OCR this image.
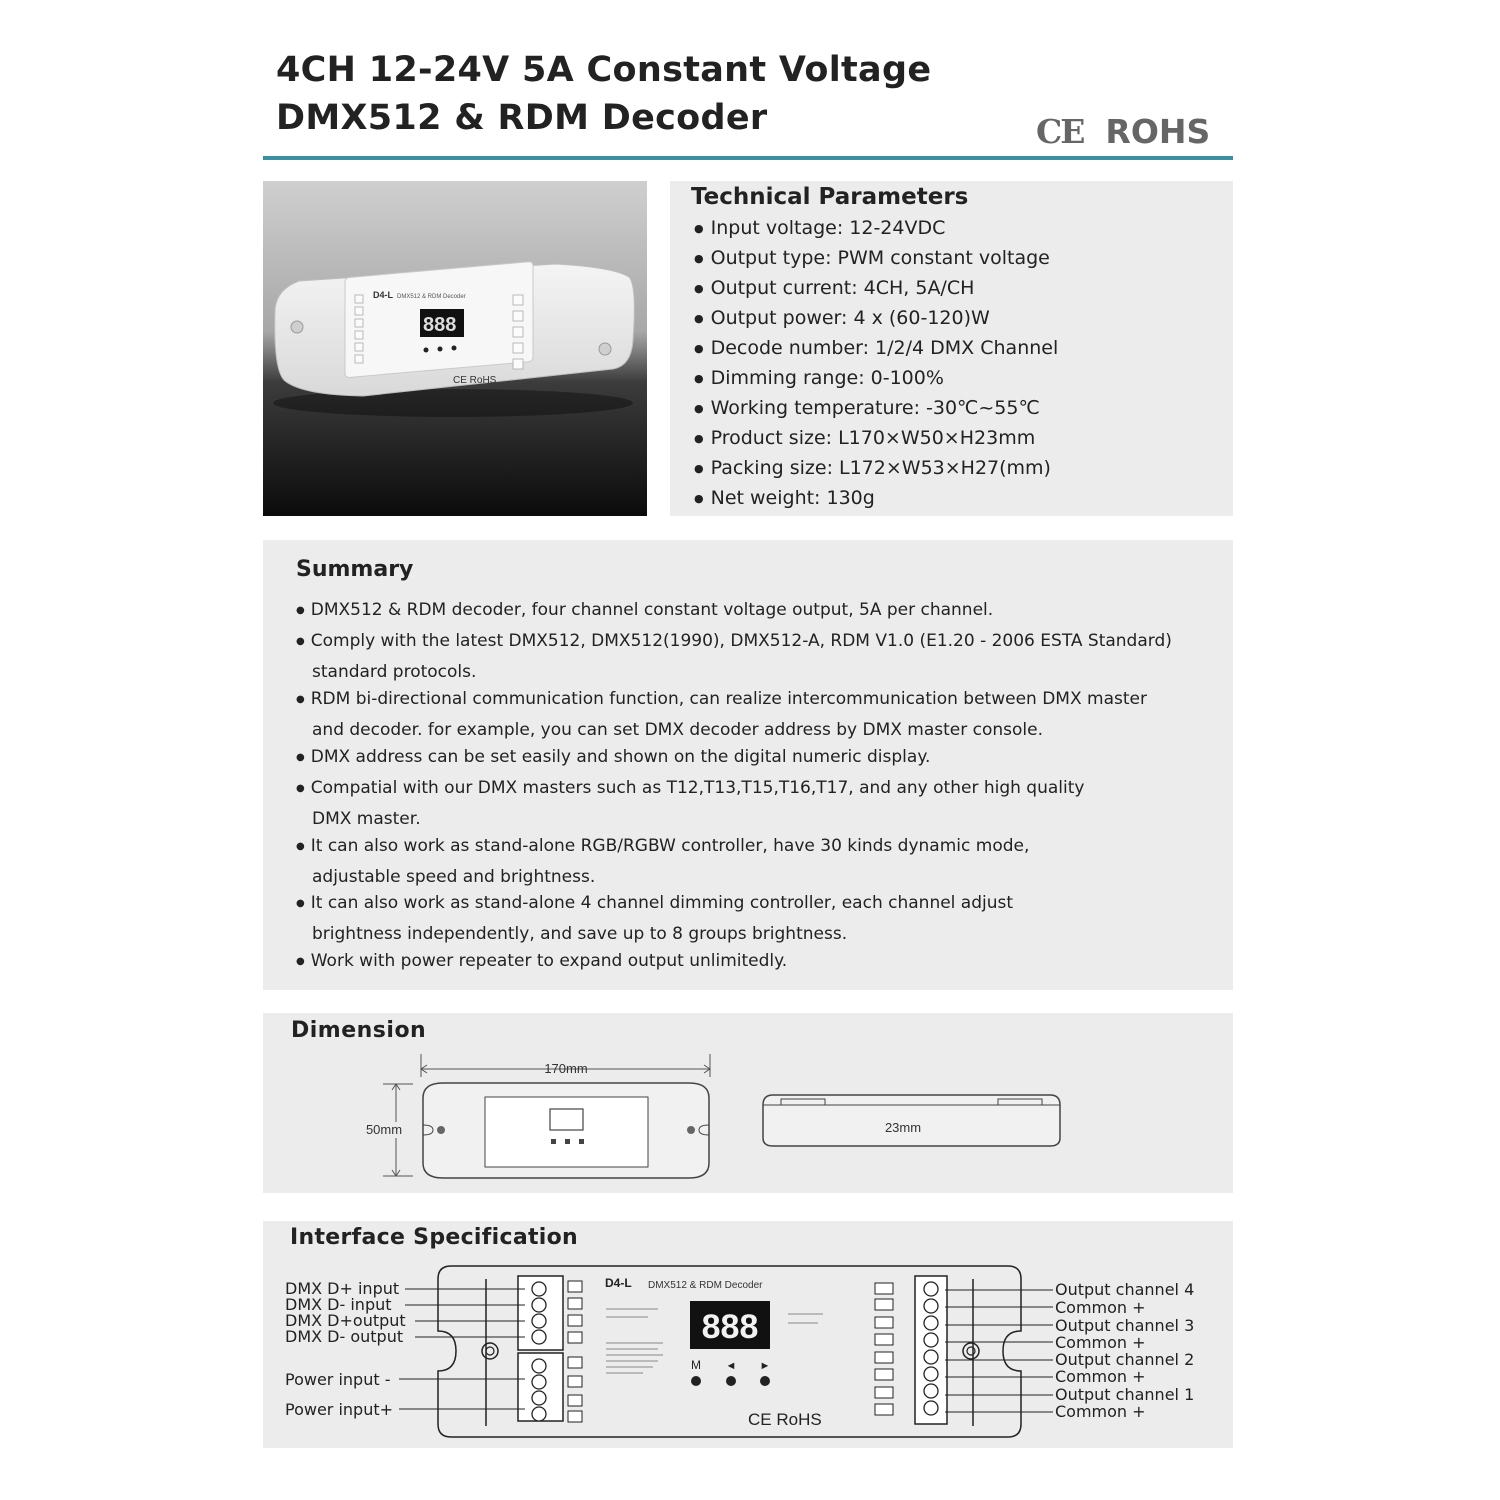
4CH 12-24V 5A Constant Voltage
DMX512 & RDM Decoder	CE ROHS
D4-L DMX512 & RDM Decoder
888
CE RoHS
Technical Parameters
● Input voltage: 12-24VDC
● Output type: PWM constant voltage
● Output current: 4CH, 5A/CH
● Output power: 4 x (60-120)W
● Decode number: 1/2/4 DMX Channel
● Dimming range: 0-100%
● Working temperature: -30℃~55℃
● Product size: L170×W50×H23mm
● Packing size: L172×W53×H27(mm)
● Net weight: 130g
Summary
● DMX512 & RDM decoder, four channel constant voltage output, 5A per channel.
● Comply with the latest DMX512, DMX512(1990), DMX512-A, RDM V1.0 (E1.20 - 2006 ESTA Standard)
standard protocols.
● RDM bi-directional communication function, can realize intercommunication between DMX master
and decoder. for example, you can set DMX decoder address by DMX master console.
● DMX address can be set easily and shown on the digital numeric display.
● Compatial with our DMX masters such as T12,T13,T15,T16,T17, and any other high quality
DMX master.
● It can also work as stand-alone RGB/RGBW controller, have 30 kinds dynamic mode,
adjustable speed and brightness.
● It can also work as stand-alone 4 channel dimming controller, each channel adjust
brightness independently, and save up to 8 groups brightness.
● Work with power repeater to expand output unlimitedly.
Dimension
170mm
50mm	23mm
Interface Specification
D4-L DMX512 & RDM Decoder
888
M ◄ ►
CE RoHS
DMX D+ input
DMX D- input
DMX D+output
DMX D- output
Power input -
Power input+
Output channel 4
Common +
Output channel 3
Common +
Output channel 2
Common +
Output channel 1
Common +
